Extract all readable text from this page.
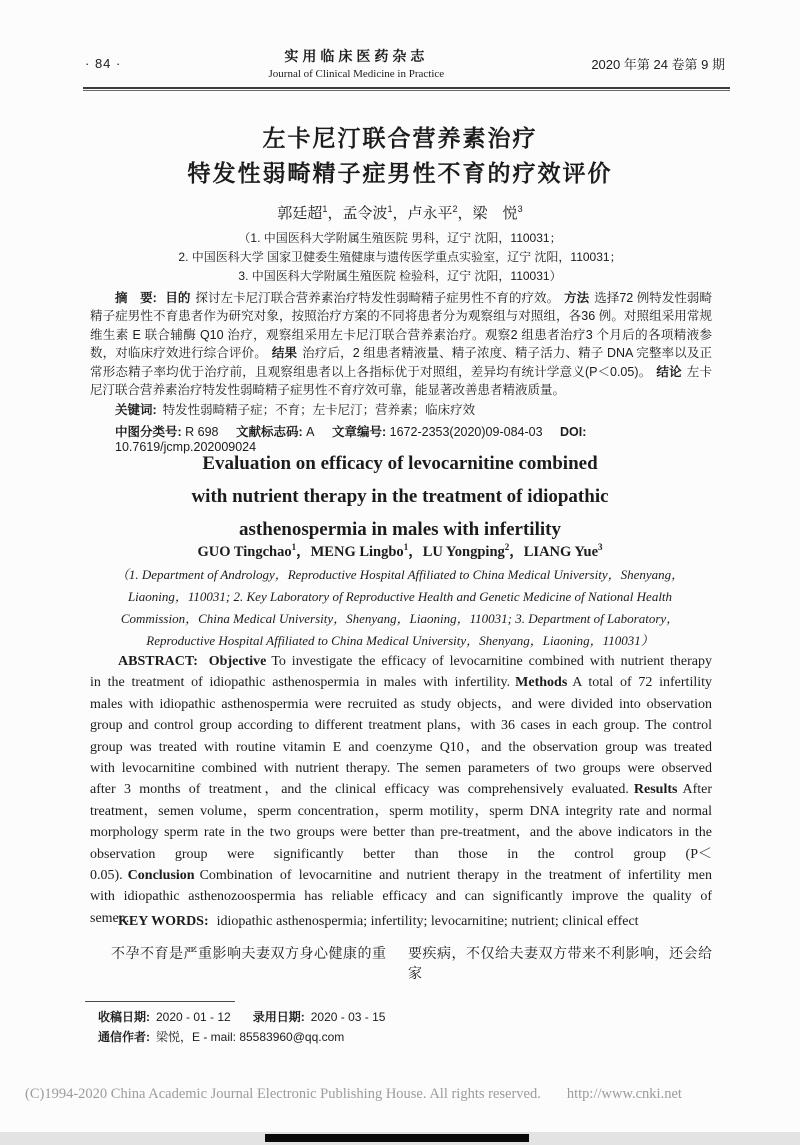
· 84 ·	实用临床医药杂志
Journal of Clinical Medicine in Practice
2020 年第 24 卷第 9 期
左卡尼汀联合营养素治疗
特发性弱畸精子症男性不育的疗效评价
郭廷超$^1$，孟令波$^1$，卢永平$^2$，梁　悦$^3$
（1. 中国医科大学附属生殖医院 男科，辽宁 沈阳，110031；
2. 中国医科大学 国家卫健委生殖健康与遗传医学重点实验室，辽宁 沈阳，110031；
3. 中国医科大学附属生殖医院 检验科，辽宁 沈阳，110031）

摘　要: 目的 探讨左卡尼汀联合营养素治疗特发性弱畸精子症男性不育的疗效。 方法 选择72 例特发性弱畸精子症男性不育患者作为研究对象，按照治疗方案的不同将患者分为观察组与对照组，各36 例。对照组采用常规维生素 E 联合辅酶 Q10 治疗，观察组采用左卡尼汀联合营养素治疗。观察2 组患者治疗3 个月后的各项精液参数，对临床疗效进行综合评价。 结果 治疗后，2 组患者精液量、精子浓度、精子活力、精子 DNA 完整率以及正常形态精子率均优于治疗前，且观察组患者以上各指标优于对照组，差异均有统计学意义(P＜0.05)。 结论 左卡尼汀联合营养素治疗特发性弱畸精子症男性不育疗效可靠，能显著改善患者精液质量。

关键词: 特发性弱畸精子症；不育；左卡尼汀；营养素；临床疗效
中图分类号: R 698 文献标志码: A 文章编号: 1672-2353(2020)09-084-03 DOI: 10.7619/jcmp.202009024
Evaluation on efficacy of levocarnitine combined
with nutrient therapy in the treatment of idiopathic
asthenospermia in males with infertility
GUO Tingchao$^1$，MENG Lingbo$^1$，LU Yongping$^2$，LIANG Yue$^3$
（1. Department of Andrology，Reproductive Hospital Affiliated to China Medical University，Shenyang，
Liaoning，110031; 2. Key Laboratory of Reproductive Health and Genetic Medicine of National Health
Commission，China Medical University，Shenyang，Liaoning，110031; 3. Department of Laboratory，
Reproductive Hospital Affiliated to China Medical University，Shenyang，Liaoning，110031）

ABSTRACT: Objective To investigate the efficacy of levocarnitine combined with nutrient therapy in the treatment of idiopathic asthenospermia in males with infertility. Methods A total of 72 infertility males with idiopathic asthenospermia were recruited as study objects，and were divided into observation group and control group according to different treatment plans，with 36 cases in each group. The control group was treated with routine vitamin E and coenzyme Q10，and the observation group was treated with levocarnitine combined with nutrient therapy. The semen parameters of two groups were observed after 3 months of treatment，and the clinical efficacy was comprehensively evaluated. Results After treatment，semen volume，sperm concentration，sperm motility，sperm DNA integrity rate and normal morphology sperm rate in the two groups were better than pre-treatment，and the above indicators in the observation group were significantly better than those in the control group (P＜0.05). Conclusion Combination of levocarnitine and nutrient therapy in the treatment of infertility men with idiopathic asthenozoospermia has reliable efficacy and can significantly improve the quality of semen.

KEY WORDS: idiopathic asthenospermia; infertility; levocarnitine; nutrient; clinical effect
不孕不育是严重影响夫妻双方身心健康的重	要疾病，不仅给夫妻双方带来不利影响，还会给家
收稿日期: 2020 - 01 - 12 录用日期: 2020 - 03 - 15
通信作者: 梁悦，E - mail: 85583960@qq.com
(C)1994-2020 China Academic Journal Electronic Publishing House. All rights reserved. http://www.cnki.net
